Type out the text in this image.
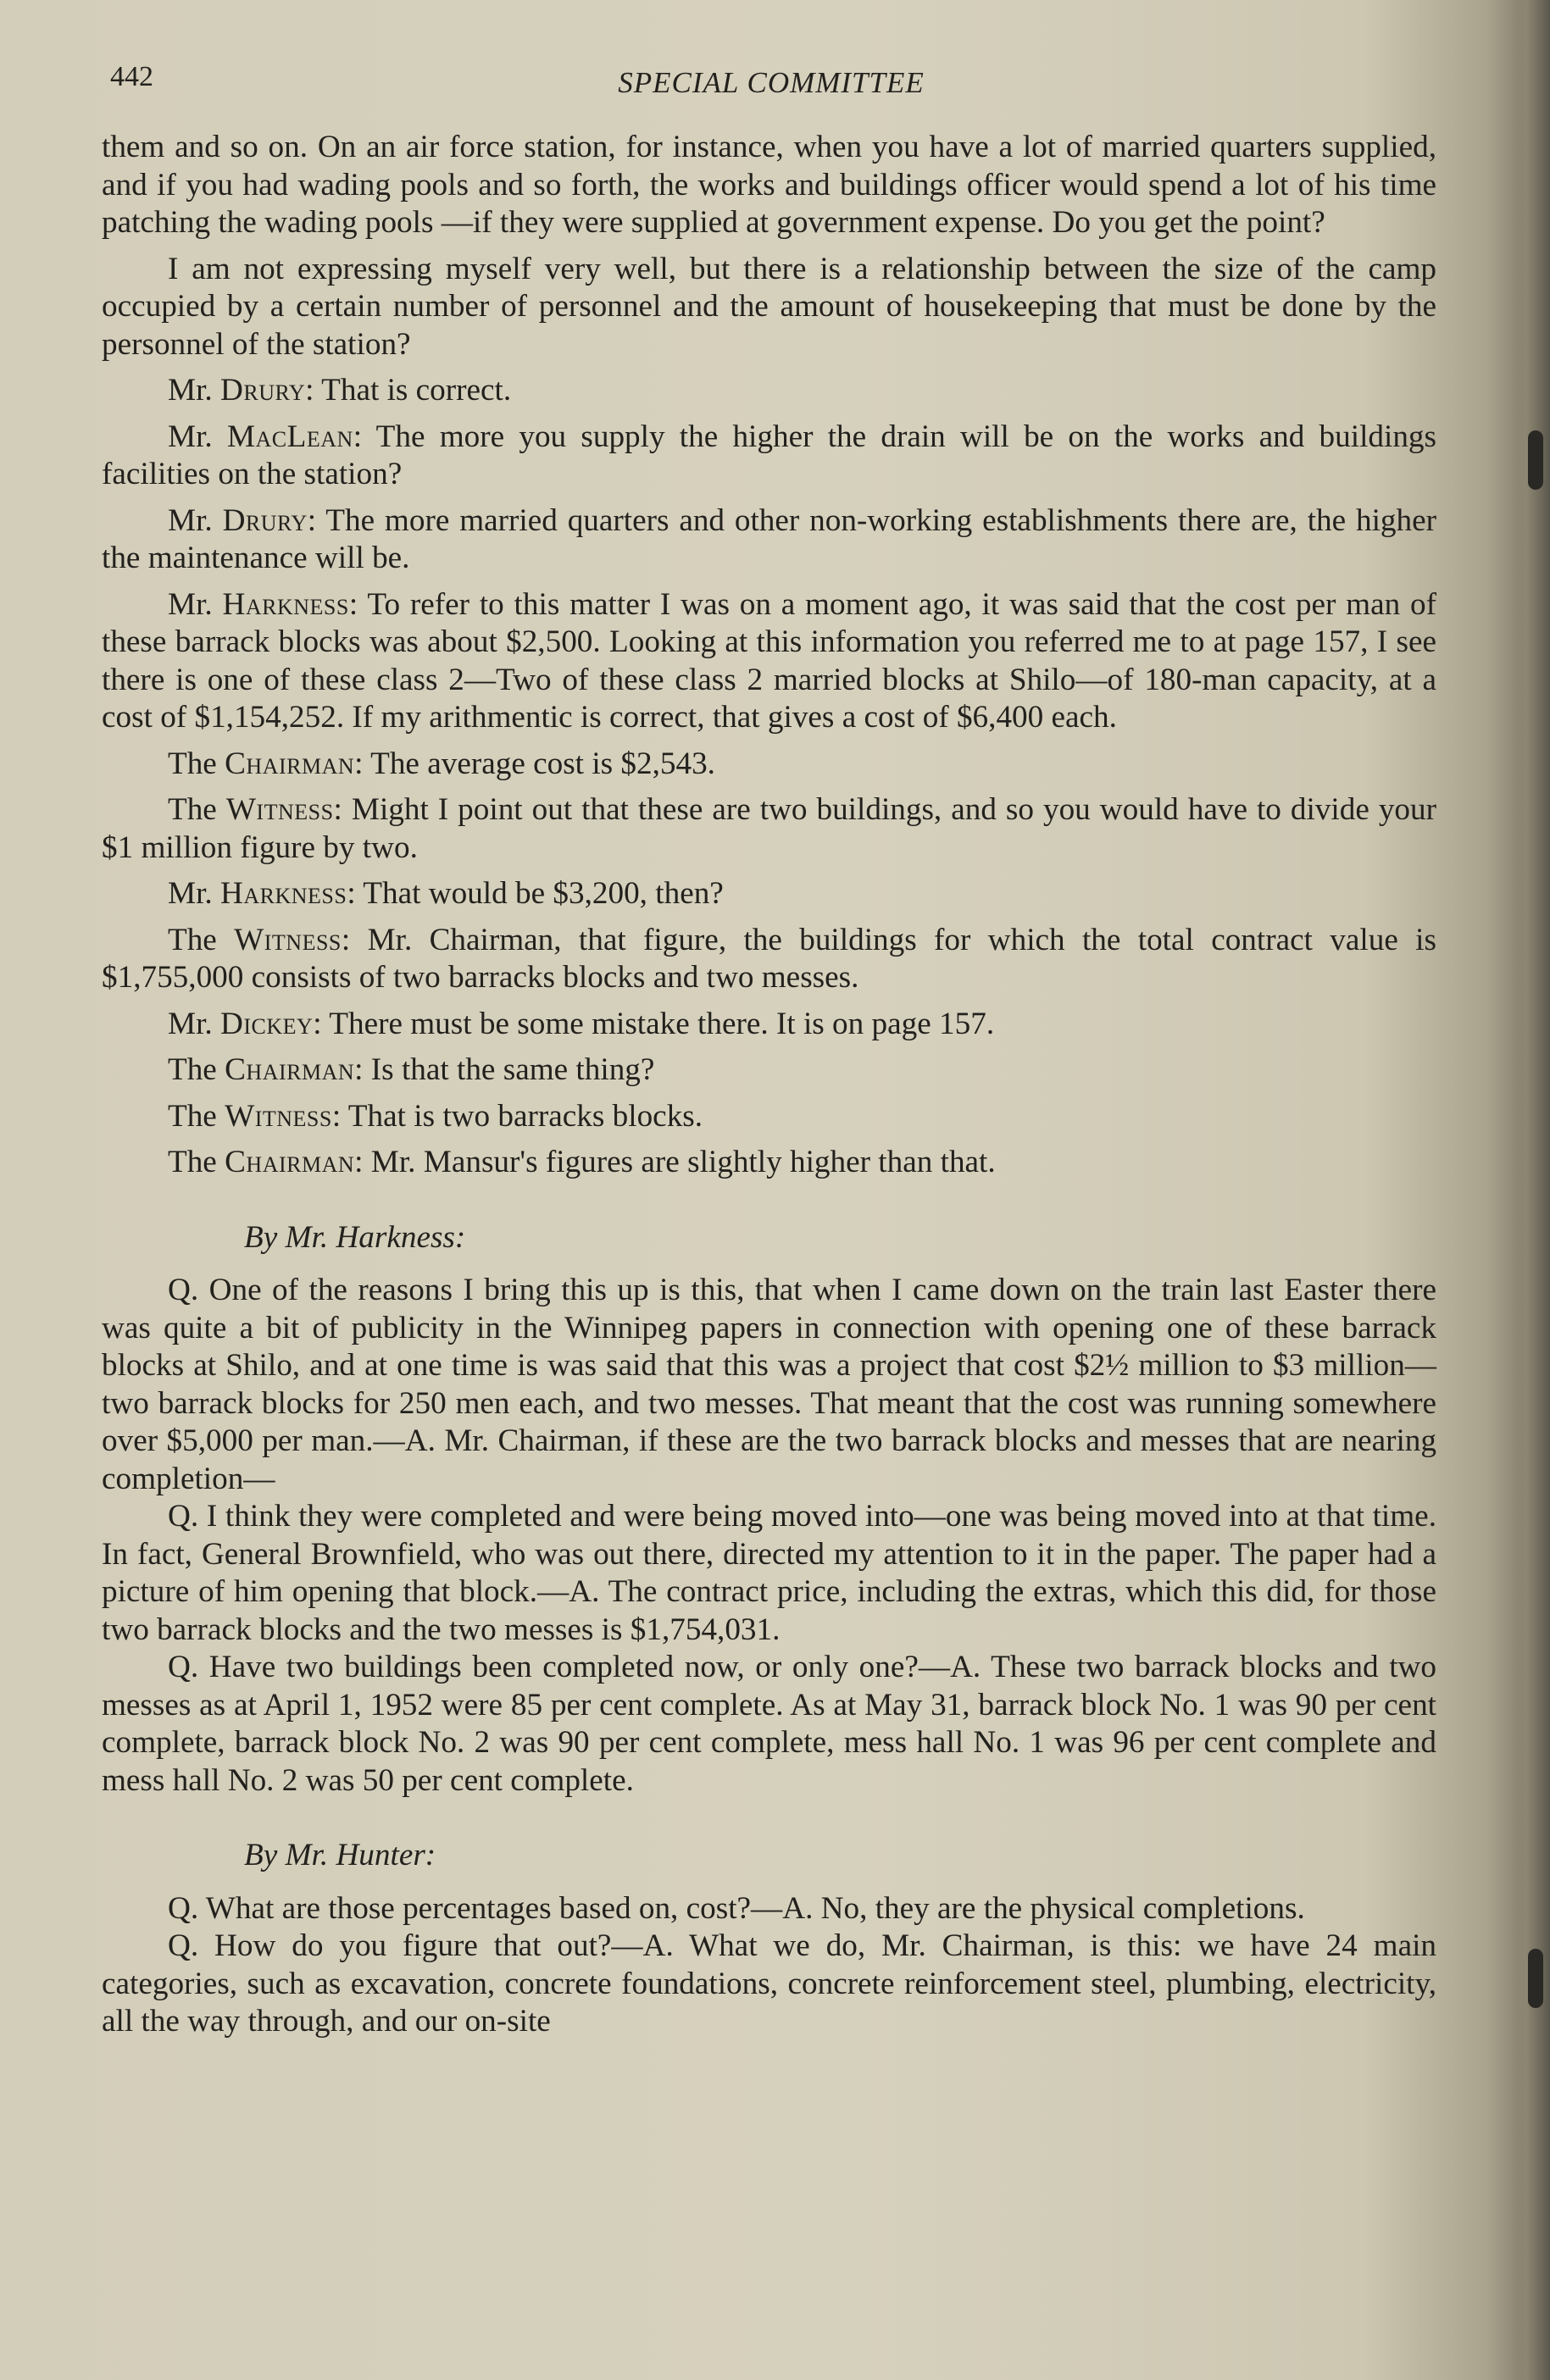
442	SPECIAL COMMITTEE

them and so on. On an air force station, for instance, when you have a lot of married quarters supplied, and if you had wading pools and so forth, the works and buildings officer would spend a lot of his time patching the wading pools —if they were supplied at government expense. Do you get the point?

I am not expressing myself very well, but there is a relationship between the size of the camp occupied by a certain number of personnel and the amount of housekeeping that must be done by the personnel of the station?

Mr. Drury: That is correct.

Mr. MacLean: The more you supply the higher the drain will be on the works and buildings facilities on the station?

Mr. Drury: The more married quarters and other non-working establishments there are, the higher the maintenance will be.

Mr. Harkness: To refer to this matter I was on a moment ago, it was said that the cost per man of these barrack blocks was about $2,500. Looking at this information you referred me to at page 157, I see there is one of these class 2—Two of these class 2 married blocks at Shilo—of 180-man capacity, at a cost of $1,154,252. If my arithmentic is correct, that gives a cost of $6,400 each.

The Chairman: The average cost is $2,543.

The Witness: Might I point out that these are two buildings, and so you would have to divide your $1 million figure by two.

Mr. Harkness: That would be $3,200, then?

The Witness: Mr. Chairman, that figure, the buildings for which the total contract value is $1,755,000 consists of two barracks blocks and two messes.

Mr. Dickey: There must be some mistake there. It is on page 157.

The Chairman: Is that the same thing?

The Witness: That is two barracks blocks.

The Chairman: Mr. Mansur's figures are slightly higher than that.

By Mr. Harkness:

Q. One of the reasons I bring this up is this, that when I came down on the train last Easter there was quite a bit of publicity in the Winnipeg papers in connection with opening one of these barrack blocks at Shilo, and at one time is was said that this was a project that cost $2½ million to $3 million—two barrack blocks for 250 men each, and two messes. That meant that the cost was running somewhere over $5,000 per man.—A. Mr. Chairman, if these are the two barrack blocks and messes that are nearing completion—

Q. I think they were completed and were being moved into—one was being moved into at that time. In fact, General Brownfield, who was out there, directed my attention to it in the paper. The paper had a picture of him opening that block.—A. The contract price, including the extras, which this did, for those two barrack blocks and the two messes is $1,754,031.

Q. Have two buildings been completed now, or only one?—A. These two barrack blocks and two messes as at April 1, 1952 were 85 per cent complete. As at May 31, barrack block No. 1 was 90 per cent complete, barrack block No. 2 was 90 per cent complete, mess hall No. 1 was 96 per cent complete and mess hall No. 2 was 50 per cent complete.

By Mr. Hunter:

Q. What are those percentages based on, cost?—A. No, they are the physical completions.

Q. How do you figure that out?—A. What we do, Mr. Chairman, is this: we have 24 main categories, such as excavation, concrete foundations, concrete reinforcement steel, plumbing, electricity, all the way through, and our on-site
